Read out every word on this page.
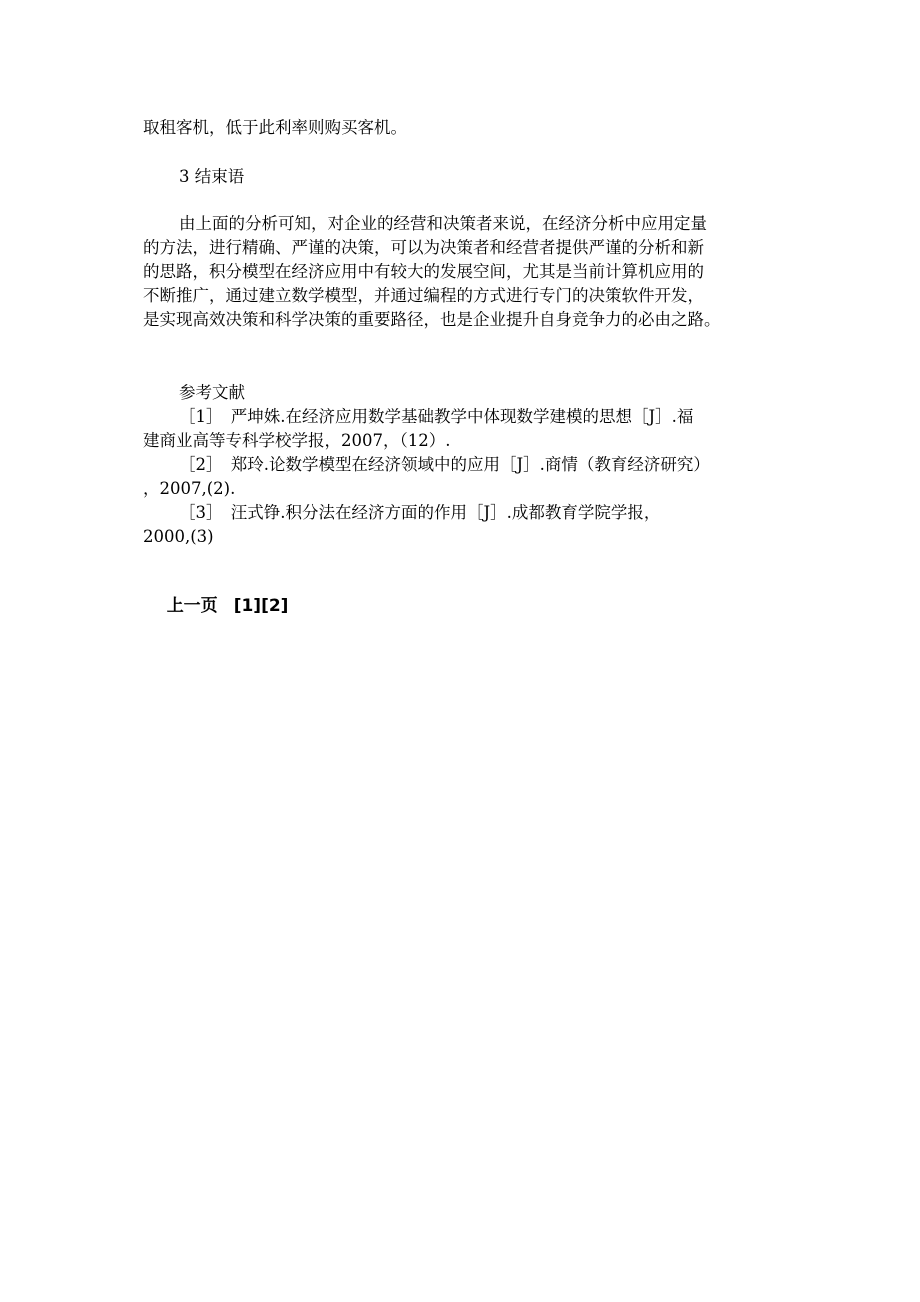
取租客机，低于此利率则购买客机。
3 结束语
由上面的分析可知，对企业的经营和决策者来说，在经济分析中应用定量
的方法，进行精确、严谨的决策，可以为决策者和经营者提供严谨的分析和新
的思路，积分模型在经济应用中有较大的发展空间，尤其是当前计算机应用的
不断推广，通过建立数学模型，并通过编程的方式进行专门的决策软件开发，
是实现高效决策和科学决策的重要路径，也是企业提升自身竞争力的必由之路。
参考文献
［1］　严坤姝.在经济应用数学基础教学中体现数学建模的思想［J］.福
建商业高等专科学校学报，2007，（12）.
［2］　郑玲.论数学模型在经济领域中的应用［J］.商情（教育经济研究）
，2007,(2).
［3］　汪式铮.积分法在经济方面的作用［J］.成都教育学院学报，
2000,(3)

上一页 [1][2]
